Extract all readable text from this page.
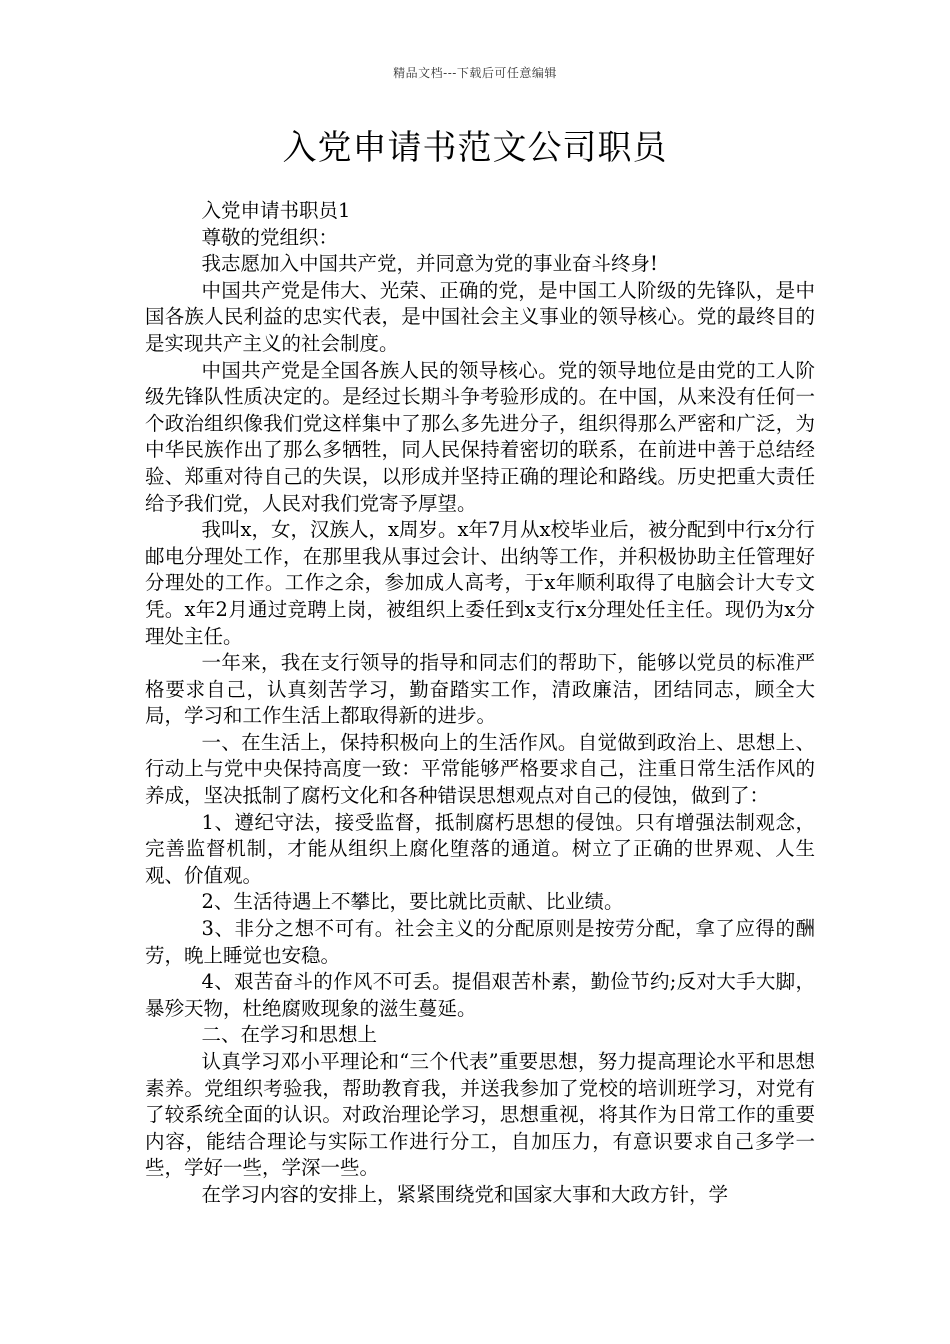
精品文档---下载后可任意编辑
入党申请书范文公司职员

入党申请书职员1

尊敬的党组织：

我志愿加入中国共产党，并同意为党的事业奋斗终身!

中国共产党是伟大、光荣、正确的党，是中国工人阶级的先锋队，是中国各族人民利益的忠实代表，是中国社会主义事业的领导核心。党的最终目的是实现共产主义的社会制度。

中国共产党是全国各族人民的领导核心。党的领导地位是由党的工人阶级先锋队性质决定的。是经过长期斗争考验形成的。在中国，从来没有任何一个政治组织像我们党这样集中了那么多先进分子，组织得那么严密和广泛，为中华民族作出了那么多牺牲，同人民保持着密切的联系，在前进中善于总结经验、郑重对待自己的失误，以形成并坚持正确的理论和路线。历史把重大责任给予我们党，人民对我们党寄予厚望。

我叫x，女，汉族人，x周岁。x年7月从x校毕业后，被分配到中行x分行邮电分理处工作，在那里我从事过会计、出纳等工作，并积极协助主任管理好分理处的工作。工作之余，参加成人高考，于x年顺利取得了电脑会计大专文凭。x年2月通过竞聘上岗，被组织上委任到x支行x分理处任主任。现仍为x分理处主任。

一年来，我在支行领导的指导和同志们的帮助下，能够以党员的标准严格要求自己，认真刻苦学习，勤奋踏实工作，清政廉洁，团结同志，顾全大局，学习和工作生活上都取得新的进步。

一、在生活上，保持积极向上的生活作风。自觉做到政治上、思想上、行动上与党中央保持高度一致：平常能够严格要求自己，注重日常生活作风的养成，坚决抵制了腐朽文化和各种错误思想观点对自己的侵蚀，做到了：

1、遵纪守法，接受监督，抵制腐朽思想的侵蚀。只有增强法制观念，完善监督机制，才能从组织上腐化堕落的通道。树立了正确的世界观、人生观、价值观。

2、生活待遇上不攀比，要比就比贡献、比业绩。

3、非分之想不可有。社会主义的分配原则是按劳分配，拿了应得的酬劳，晚上睡觉也安稳。

4、艰苦奋斗的作风不可丢。提倡艰苦朴素，勤俭节约;反对大手大脚，暴殄天物，杜绝腐败现象的滋生蔓延。

二、在学习和思想上

认真学习邓小平理论和“三个代表”重要思想，努力提高理论水平和思想素养。党组织考验我，帮助教育我，并送我参加了党校的培训班学习，对党有了较系统全面的认识。对政治理论学习，思想重视，将其作为日常工作的重要内容，能结合理论与实际工作进行分工，自加压力，有意识要求自己多学一些，学好一些，学深一些。

在学习内容的安排上，紧紧围绕党和国家大事和大政方针，学
